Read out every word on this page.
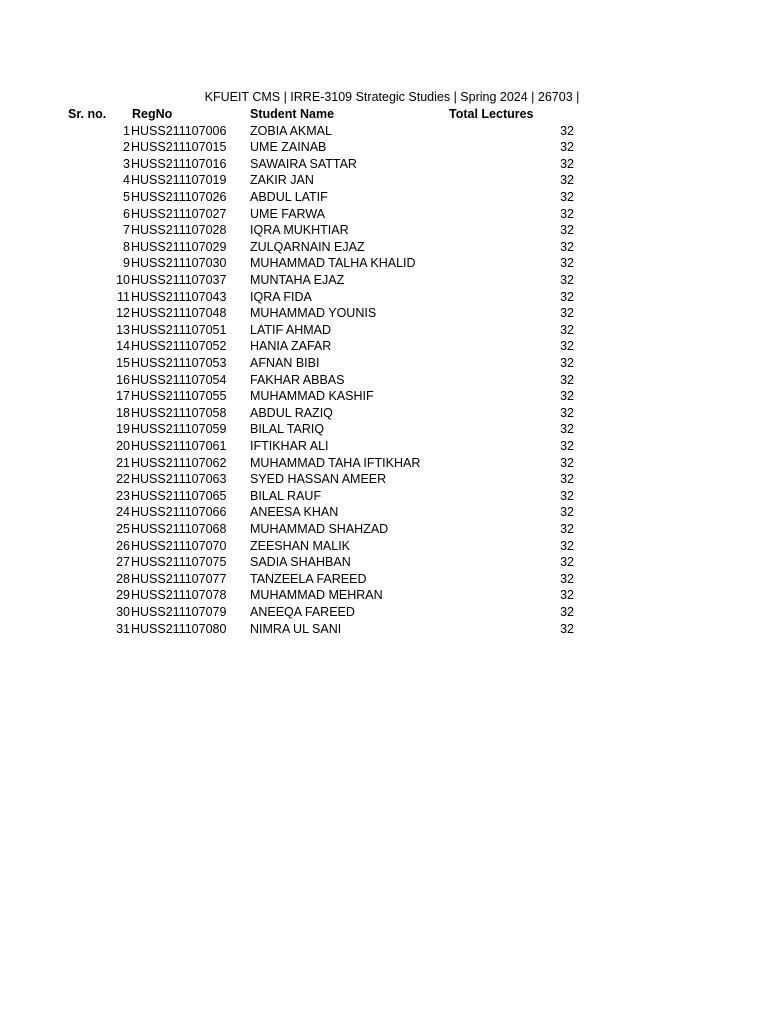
KFUEIT CMS | IRRE-3109 Strategic Studies | Spring 2024 | 26703 |
Sr. no. RegNo	Student Name	Total Lectures
1 HUSS211107006 ZOBIA AKMAL	32
2 HUSS211107015 UME ZAINAB	32
3 HUSS211107016 SAWAIRA SATTAR	32
4 HUSS211107019 ZAKIR JAN	32
5 HUSS211107026 ABDUL LATIF	32
6 HUSS211107027 UME FARWA	32
7 HUSS211107028 IQRA MUKHTIAR	32
8 HUSS211107029 ZULQARNAIN EJAZ	32
9 HUSS211107030 MUHAMMAD TALHA KHALID	32
10 HUSS211107037 MUNTAHA EJAZ	32
11 HUSS211107043 IQRA FIDA	32
12 HUSS211107048 MUHAMMAD YOUNIS	32
13 HUSS211107051 LATIF AHMAD	32
14 HUSS211107052 HANIA ZAFAR	32
15 HUSS211107053 AFNAN BIBI	32
16 HUSS211107054 FAKHAR ABBAS	32
17 HUSS211107055 MUHAMMAD KASHIF	32
18 HUSS211107058 ABDUL RAZIQ	32
19 HUSS211107059 BILAL TARIQ	32
20 HUSS211107061 IFTIKHAR ALI	32
21 HUSS211107062 MUHAMMAD TAHA IFTIKHAR	32
22 HUSS211107063 SYED HASSAN AMEER	32
23 HUSS211107065 BILAL RAUF	32
24 HUSS211107066 ANEESA KHAN	32
25 HUSS211107068 MUHAMMAD SHAHZAD	32
26 HUSS211107070 ZEESHAN MALIK	32
27 HUSS211107075 SADIA SHAHBAN	32
28 HUSS211107077 TANZEELA FAREED	32
29 HUSS211107078 MUHAMMAD MEHRAN	32
30 HUSS211107079 ANEEQA FAREED	32
31 HUSS211107080 NIMRA UL SANI	32
